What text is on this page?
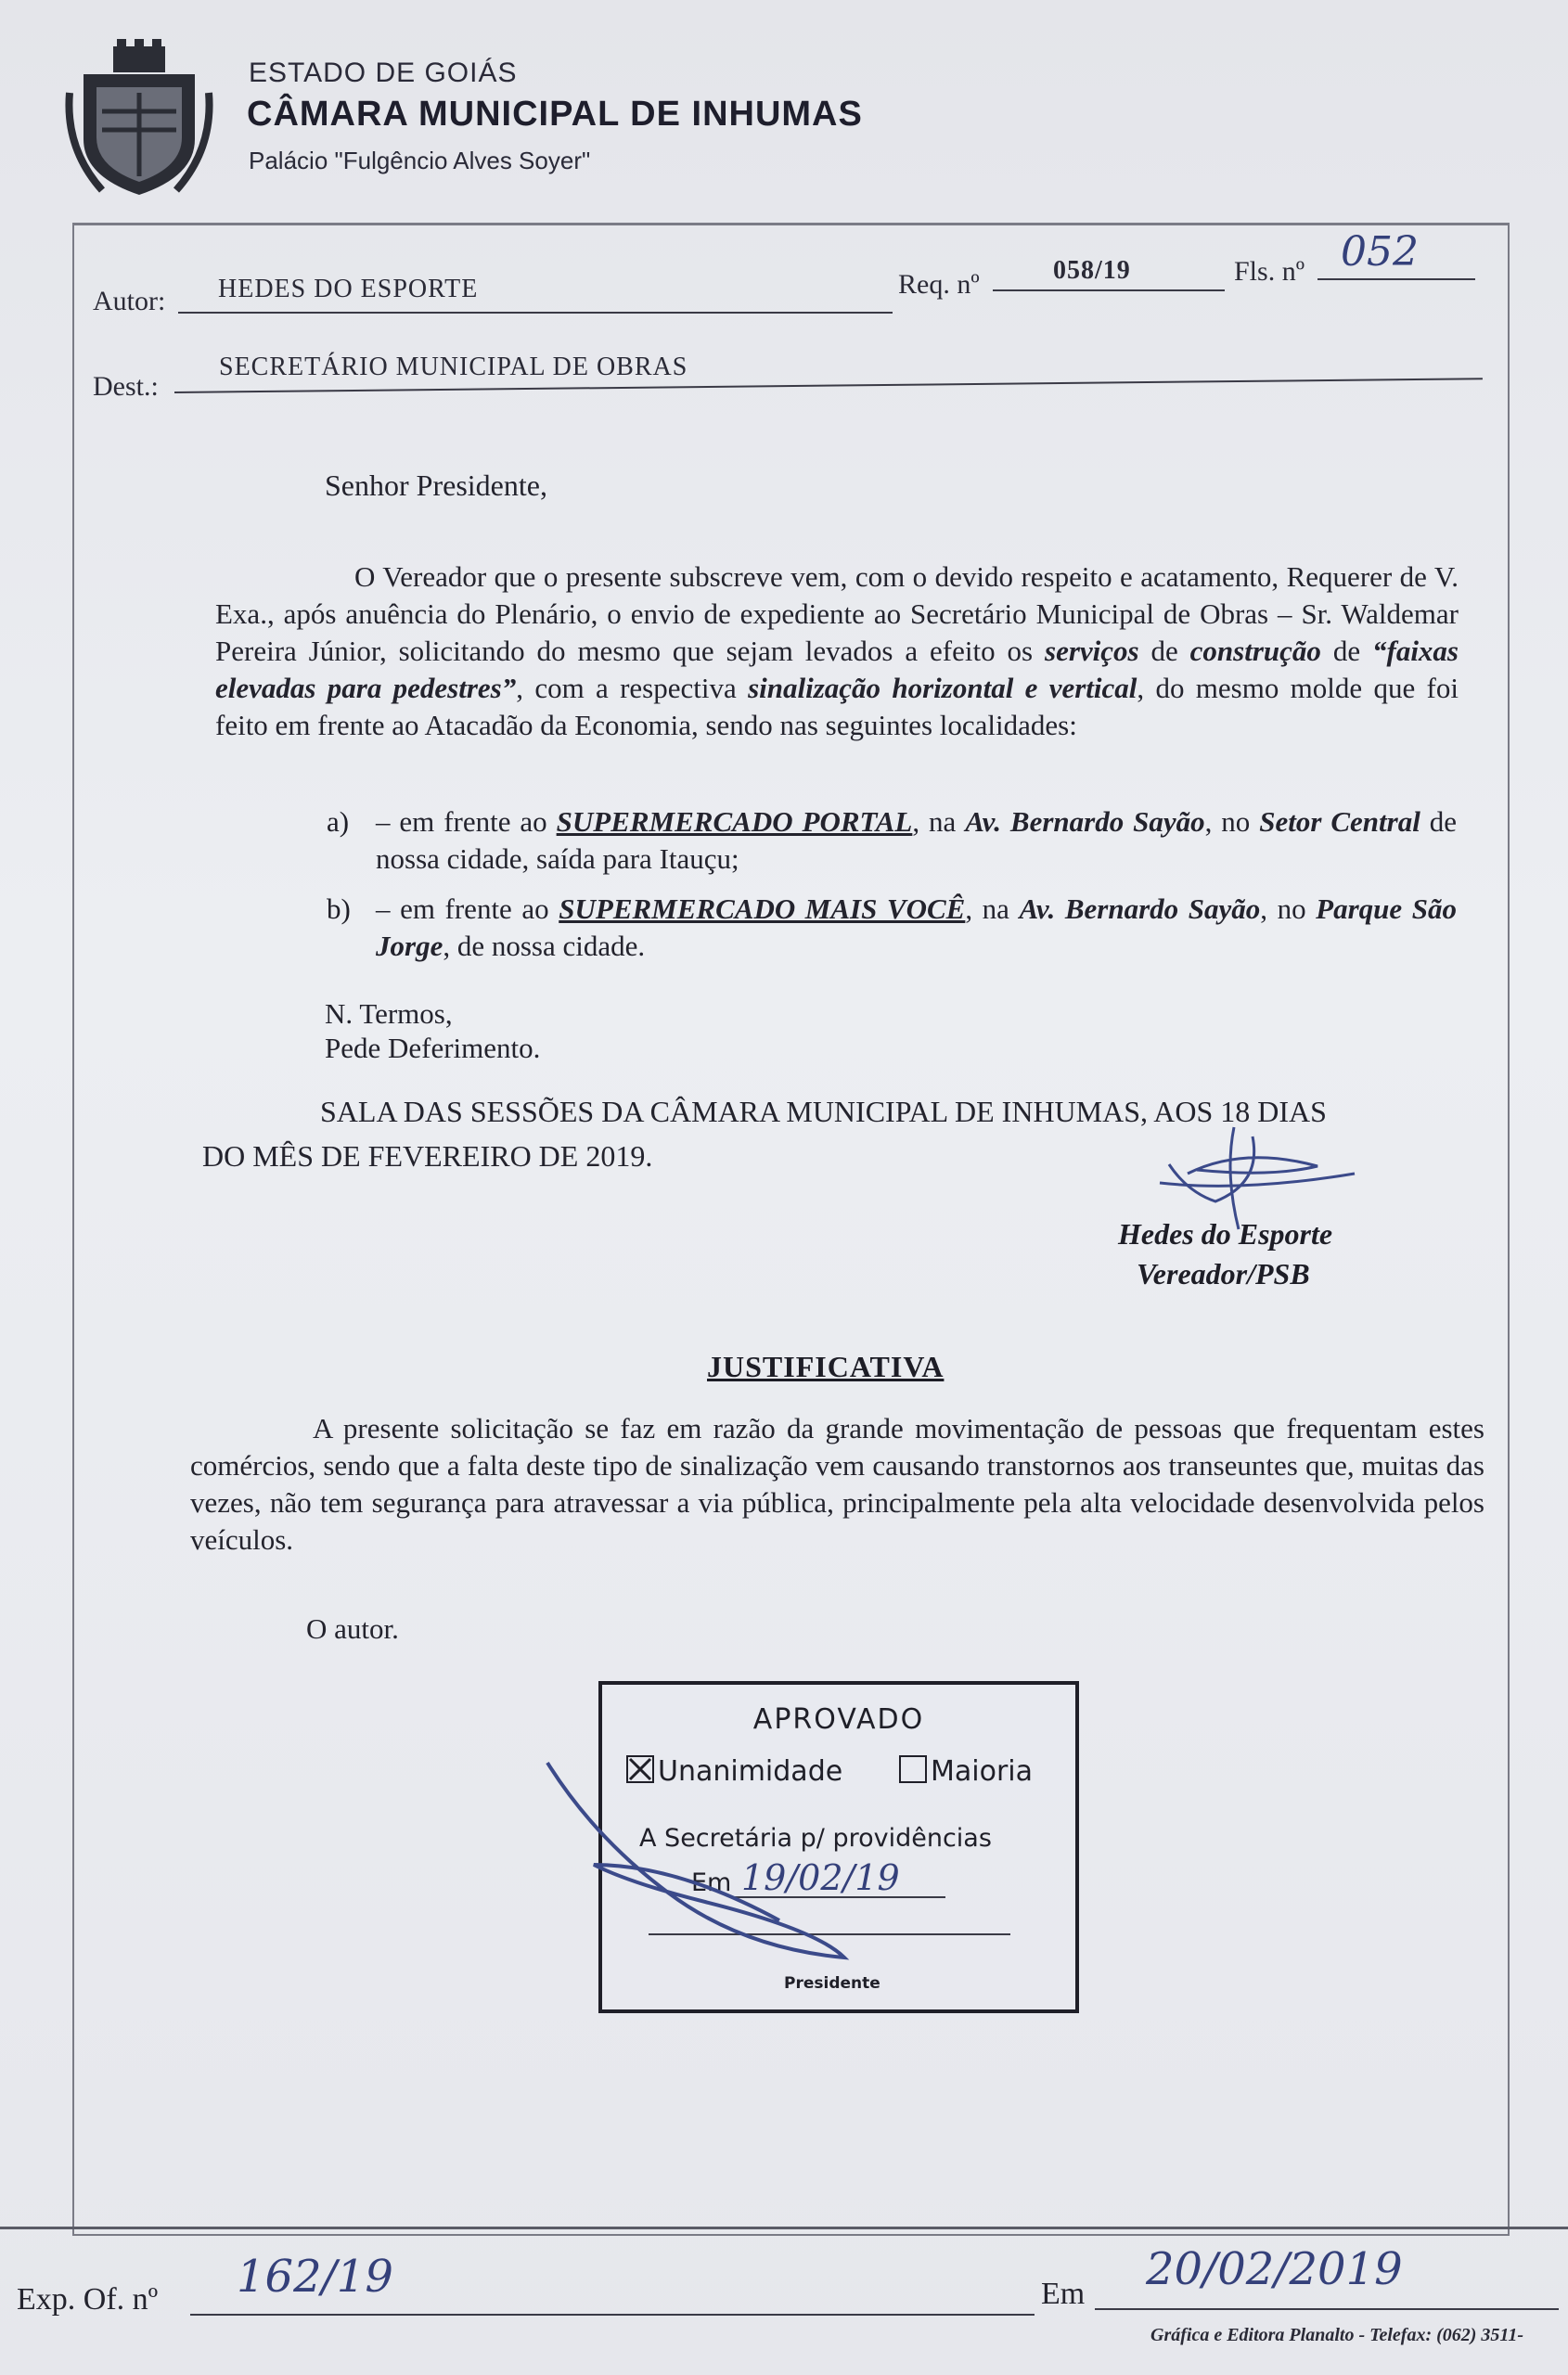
ESTADO DE GOIÁS
CÂMARA MUNICIPAL DE INHUMAS
Palácio "Fulgêncio Alves Soyer"
Autor: HEDES DO ESPORTE	Req. nº	058/19	Fls. nº 052
Dest.:
SECRETÁRIO MUNICIPAL DE OBRAS
Senhor Presidente,
O Vereador que o presente subscreve vem, com o devido respeito e acatamento, Requerer de V. Exa., após anuência do Plenário, o envio de expediente ao Secretário Municipal de Obras – Sr. Waldemar Pereira Júnior, solicitando do mesmo que sejam levados a efeito os serviços de construção de “faixas elevadas para pedestres”, com a respectiva sinalização horizontal e vertical, do mesmo molde que foi feito em frente ao Atacadão da Economia, sendo nas seguintes localidades:
a) – em frente ao SUPERMERCADO PORTAL, na Av. Bernardo Sayão, no Setor Central de nossa cidade, saída para Itauçu;
b) – em frente ao SUPERMERCADO MAIS VOCÊ, na Av. Bernardo Sayão, no Parque São Jorge, de nossa cidade.
N. Termos,
Pede Deferimento.
SALA DAS SESSÕES DA CÂMARA MUNICIPAL DE INHUMAS, AOS 18 DIAS
DO MÊS DE FEVEREIRO DE 2019.
Hedes do Esporte
Vereador/PSB
JUSTIFICATIVA
A presente solicitação se faz em razão da grande movimentação de pessoas que frequentam estes comércios, sendo que a falta deste tipo de sinalização vem causando transtornos aos transeuntes que, muitas das vezes, não tem segurança para atravessar a via pública, principalmente pela alta velocidade desenvolvida pelos veículos.
O autor.
APROVADO
Unanimidade	Maioria
A Secretária p/ providências
Em 19/02/19
Presidente
Exp. Of. nº 162/19	Em 20/02/2019
Gráfica e Editora Planalto - Telefax: (062) 3511-
